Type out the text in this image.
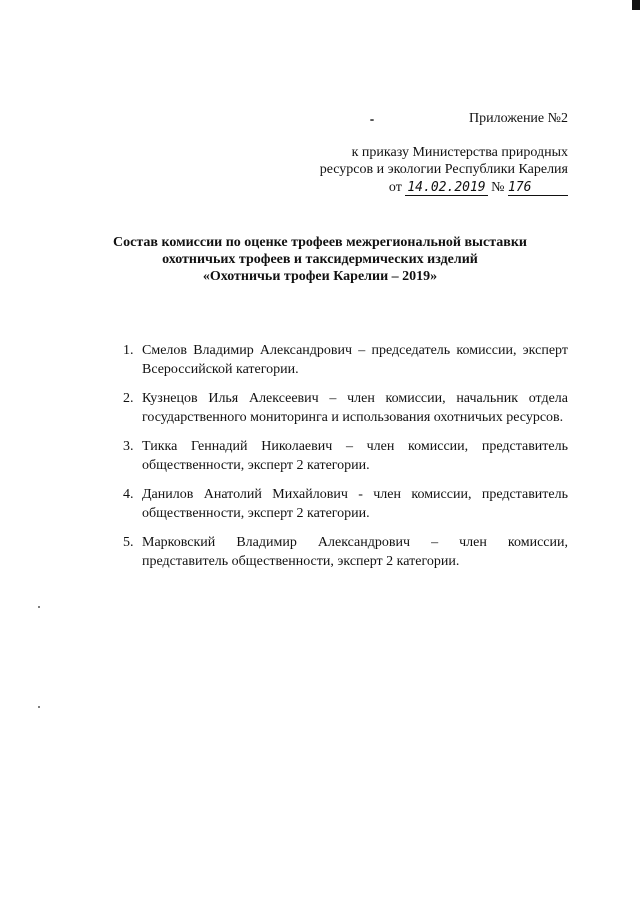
Приложение №2
к приказу Министерства природных
ресурсов и экологии Республики Карелия
от 14.02.2019 № 176
Состав комиссии по оценке трофеев межрегиональной выставки
охотничьих трофеев и таксидермических изделий
«Охотничьи трофеи Карелии – 2019»
1. Смелов Владимир Александрович – председатель комиссии, эксперт Всероссийской категории.
2. Кузнецов Илья Алексеевич – член комиссии, начальник отдела государственного мониторинга и использования охотничьих ресурсов.
3. Тикка Геннадий Николаевич – член комиссии, представитель общественности, эксперт 2 категории.
4. Данилов Анатолий Михайлович - член комиссии, представитель общественности, эксперт 2 категории.
5. Марковский Владимир Александрович – член комиссии, представитель общественности, эксперт 2 категории.
